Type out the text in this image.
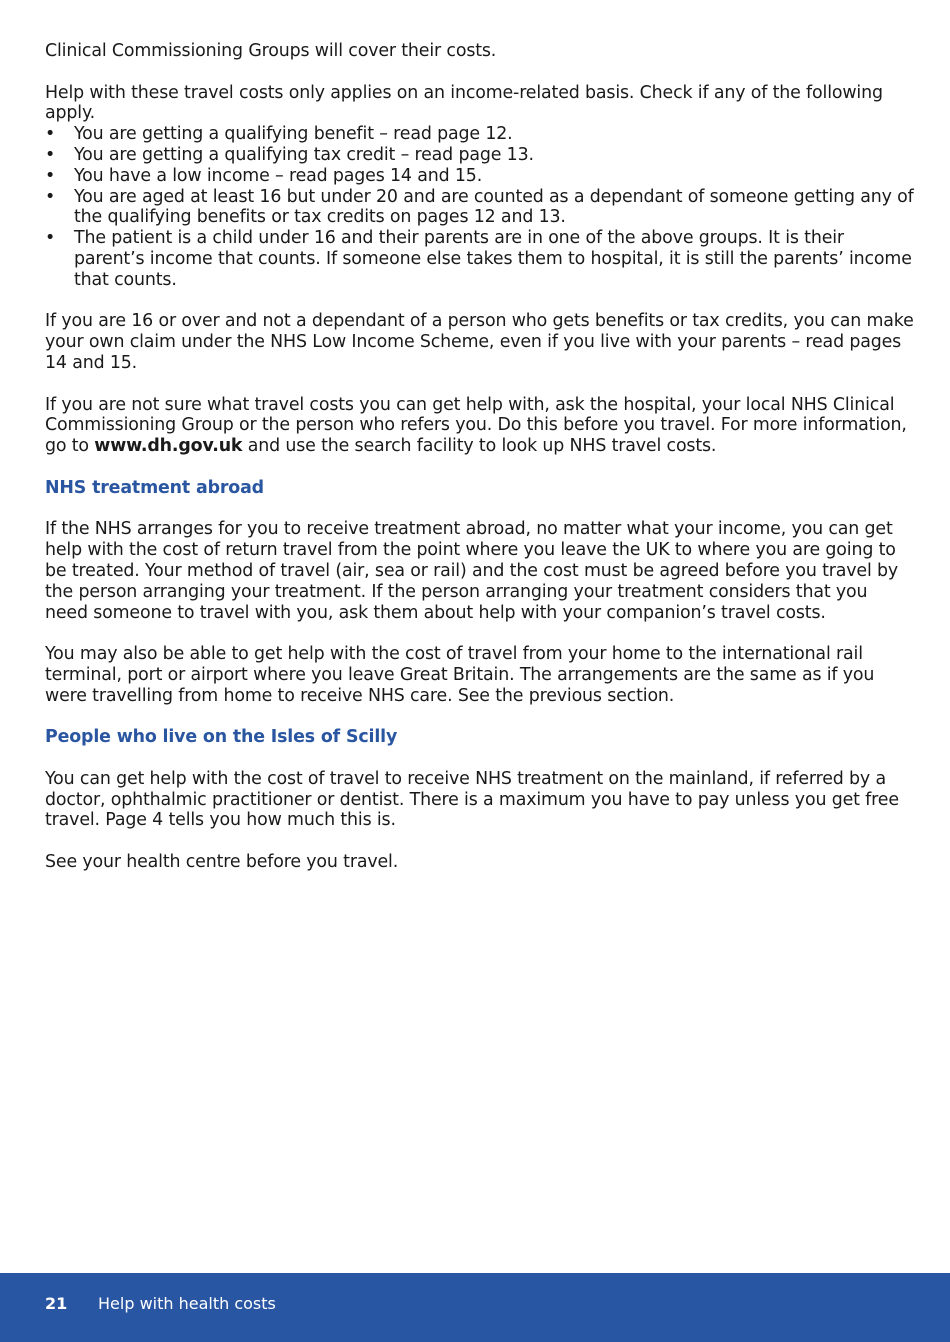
Clinical Commissioning Groups will cover their costs.

Help with these travel costs only applies on an income-related basis. Check if any of the following apply.

• You are getting a qualifying benefit – read page 12.
• You are getting a qualifying tax credit – read page 13.
• You have a low income – read pages 14 and 15.
• You are aged at least 16 but under 20 and are counted as a dependant of someone getting any of the qualifying benefits or tax credits on pages 12 and 13.
• The patient is a child under 16 and their parents are in one of the above groups. It is their parent’s income that counts. If someone else takes them to hospital, it is still the parents’ income that counts.

If you are 16 or over and not a dependant of a person who gets benefits or tax credits, you can make your own claim under the NHS Low Income Scheme, even if you live with your parents – read pages 14 and 15.

If you are not sure what travel costs you can get help with, ask the hospital, your local NHS Clinical Commissioning Group or the person who refers you. Do this before you travel. For more information, go to www.dh.gov.uk and use the search facility to look up NHS travel costs.

NHS treatment abroad

If the NHS arranges for you to receive treatment abroad, no matter what your income, you can get help with the cost of return travel from the point where you leave the UK to where you are going to be treated. Your method of travel (air, sea or rail) and the cost must be agreed before you travel by the person arranging your treatment. If the person arranging your treatment considers that you need someone to travel with you, ask them about help with your companion’s travel costs.

You may also be able to get help with the cost of travel from your home to the international rail terminal, port or airport where you leave Great Britain. The arrangements are the same as if you were travelling from home to receive NHS care. See the previous section.

People who live on the Isles of Scilly

You can get help with the cost of travel to receive NHS treatment on the mainland, if referred by a doctor, ophthalmic practitioner or dentist. There is a maximum you have to pay unless you get free travel. Page 4 tells you how much this is.

See your health centre before you travel.

21 Help with health costs
